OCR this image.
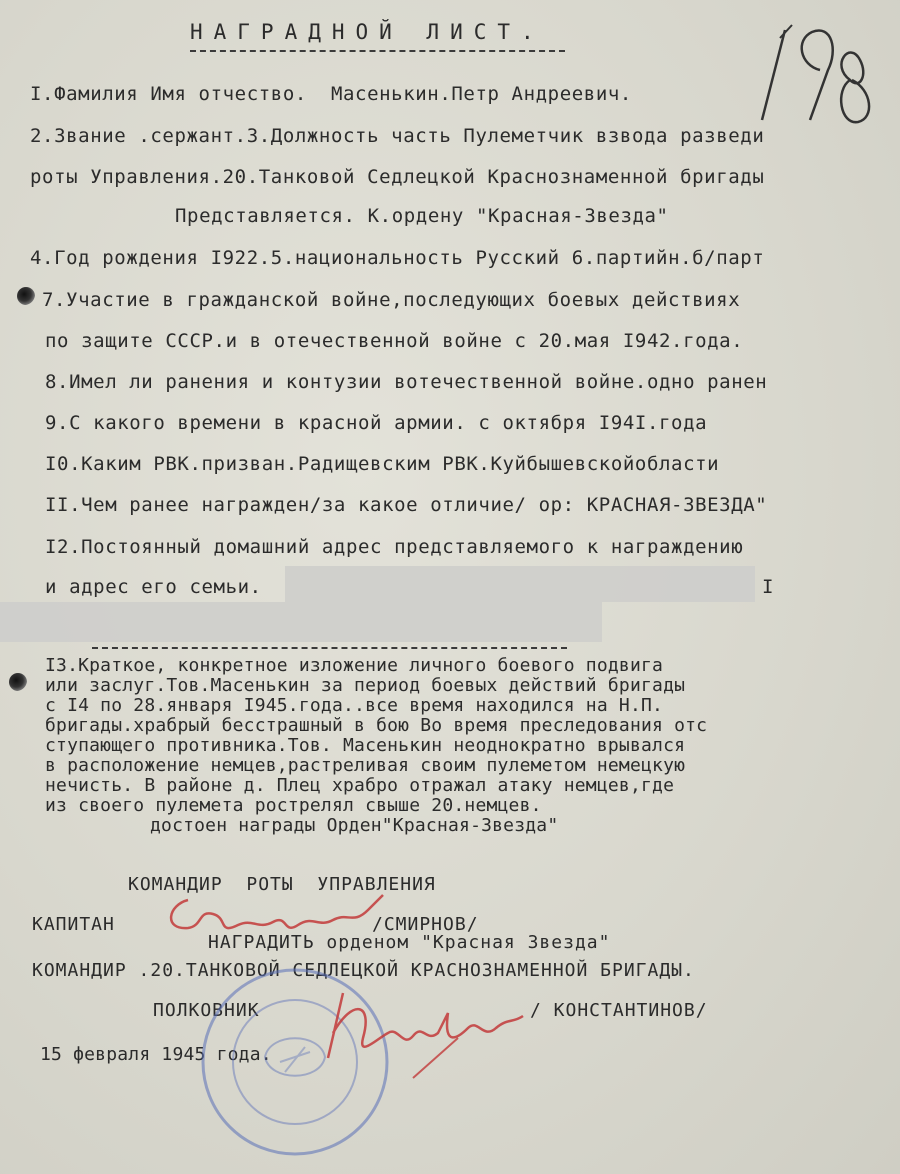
НАГРАДНОЙ ЛИСТ.
I.Фамилия Имя отчество.  Масенькин.Петр Андреевич.
2.Звание .сержант.3.Должность часть Пулеметчик взвода разведи
роты Управления.20.Танковой Седлецкой Краснознаменной бригады
Представляется. К.ордену "Красная-Звезда"
4.Год рождения I922.5.национальность Русский 6.партийн.б/парт
7.Участие в гражданской войне,последующих боевых действиях
по защите СССР.и в отечественной войне с 20.мая I942.года.
8.Имел ли ранения и контузии вотечественной войне.одно ранен
9.С какого времени в красной армии. с октября I94I.года
I0.Каким РВК.призван.Радищевским РВК.Куйбышевскойобласти
II.Чем ранее награжден/за какое отличие/ ор: КРАСНАЯ-ЗВЕЗДА"
I2.Постоянный домашний адрес представляемого к награждению
и адрес его семьи.	I
I3.Краткое, конкретное изложение личного боевого подвига
или заслуг.Тов.Масенькин за период боевых действий бригады
с I4 по 28.января I945.года..все время находился на Н.П.
бригады.храбрый бесстрашный в бою Во время преследования отс
ступающего противника.Тов. Масенькин неоднократно врывался
в расположение немцев,растреливая своим пулеметом немецкую
нечисть. В районе д. Плец храбро отражал атаку немцев,где
из своего пулемета рострелял свыше 20.немцев.
достоен награды Орден"Красная-Звезда"
КОМАНДИР  РОТЫ  УПРАВЛЕНИЯ
КАПИТАН	/СМИРНОВ/
НАГРАДИТЬ орденом "Красная Звезда"
КОМАНДИР .20.ТАНКОВОЙ СЕДЛЕЦКОЙ КРАСНОЗНАМЕННОЙ БРИГАДЫ.
ПОЛКОВНИК	/ КОНСТАНТИНОВ/
15 февраля 1945 года.
